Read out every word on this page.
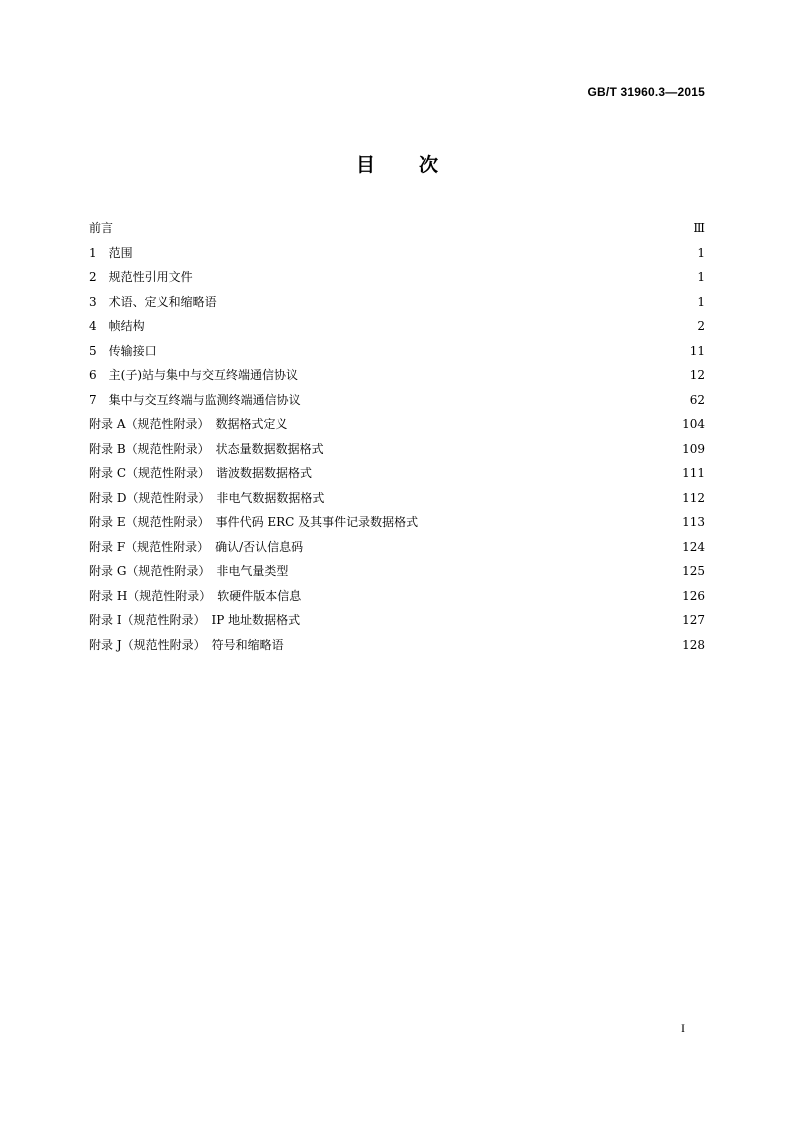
GB/T 31960.3—2015
目次
前言	Ⅲ
1　范围	1
2　规范性引用文件	1
3　术语、定义和缩略语	1
4　帧结构	2
5　传输接口	11
6　主(子)站与集中与交互终端通信协议	12
7　集中与交互终端与监测终端通信协议	62
附录 A（规范性附录）　数据格式定义	104
附录 B（规范性附录）　状态量数据数据格式	109
附录 C（规范性附录）　谐波数据数据格式	111
附录 D（规范性附录）　非电气数据数据格式	112
附录 E（规范性附录）　事件代码 ERC 及其事件记录数据格式	113
附录 F（规范性附录）　确认/否认信息码	124
附录 G（规范性附录）　非电气量类型	125
附录 H（规范性附录）　软硬件版本信息	126
附录 I（规范性附录）　IP 地址数据格式	127
附录 J（规范性附录）　符号和缩略语	128
I
